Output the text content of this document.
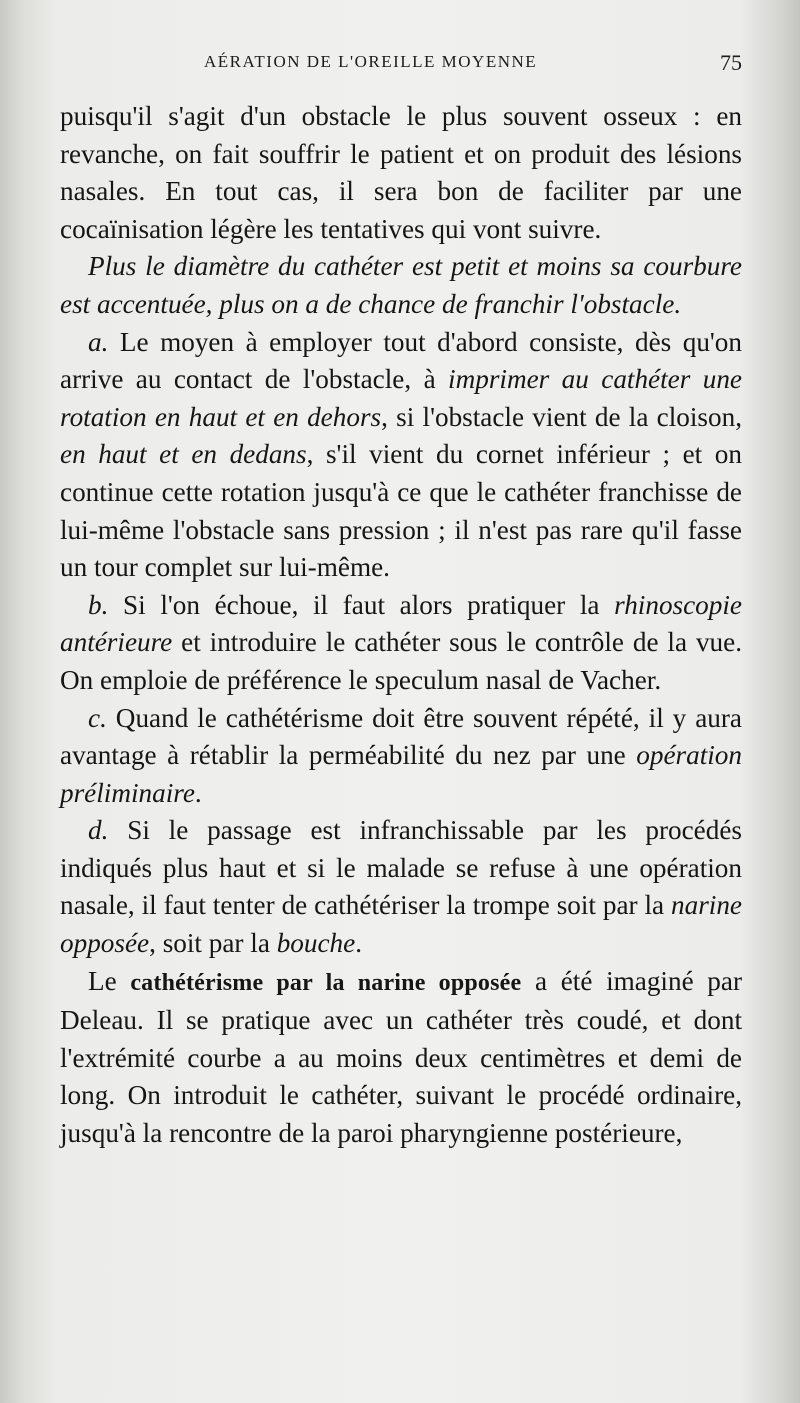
AÉRATION DE L'OREILLE MOYENNE	75

puisqu'il s'agit d'un obstacle le plus souvent osseux : en revanche, on fait souffrir le patient et on produit des lésions nasales. En tout cas, il sera bon de faciliter par une cocaïnisation légère les tentatives qui vont suivre.

Plus le diamètre du cathéter est petit et moins sa courbure est accentuée, plus on a de chance de franchir l'obstacle.

a. Le moyen à employer tout d'abord consiste, dès qu'on arrive au contact de l'obstacle, à imprimer au cathéter une rotation en haut et en dehors, si l'obstacle vient de la cloison, en haut et en dedans, s'il vient du cornet inférieur ; et on continue cette rotation jusqu'à ce que le cathéter franchisse de lui-même l'obstacle sans pression ; il n'est pas rare qu'il fasse un tour complet sur lui-même.

b. Si l'on échoue, il faut alors pratiquer la rhinoscopie antérieure et introduire le cathéter sous le contrôle de la vue. On emploie de préférence le speculum nasal de Vacher.

c. Quand le cathétérisme doit être souvent répété, il y aura avantage à rétablir la perméabilité du nez par une opération préliminaire.

d. Si le passage est infranchissable par les procédés indiqués plus haut et si le malade se refuse à une opération nasale, il faut tenter de cathétériser la trompe soit par la narine opposée, soit par la bouche.

Le cathétérisme par la narine opposée a été imaginé par Deleau. Il se pratique avec un cathéter très coudé, et dont l'extrémité courbe a au moins deux centimètres et demi de long. On introduit le cathéter, suivant le procédé ordinaire, jusqu'à la rencontre de la paroi pharyngienne postérieure,
